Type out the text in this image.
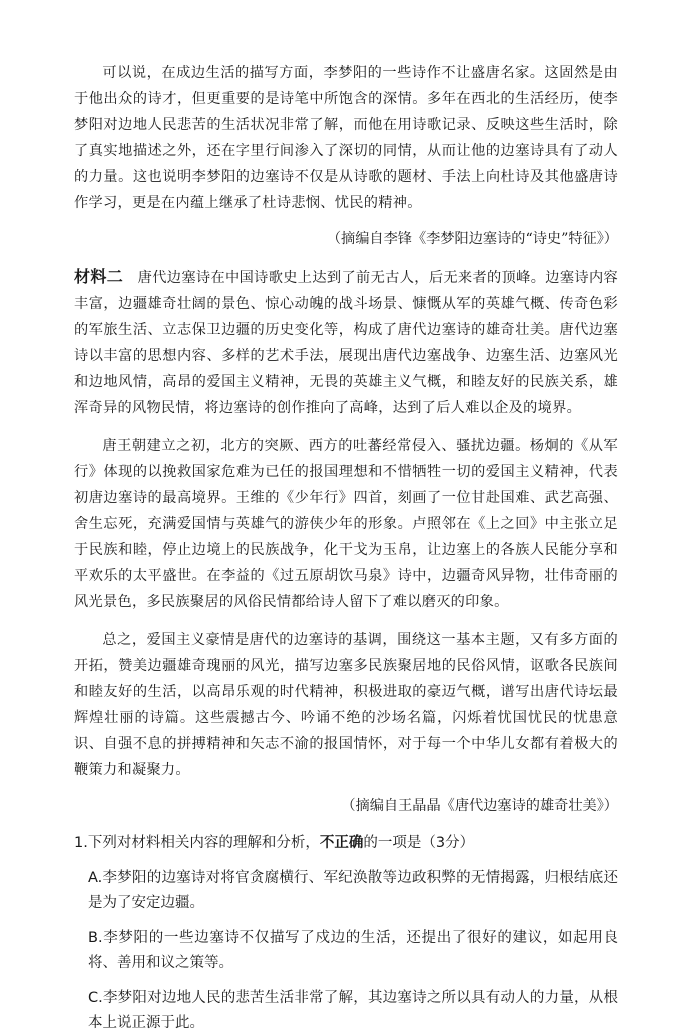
可以说，在成边生活的描写方面，李梦阳的一些诗作不让盛唐名家。这固然是由于他出众的诗才，但更重要的是诗笔中所饱含的深情。多年在西北的生活经历，使李梦阳对边地人民悲苦的生活状况非常了解，而他在用诗歌记录、反映这些生活时，除了真实地描述之外，还在字里行间渗入了深切的同情，从而让他的边塞诗具有了动人的力量。这也说明李梦阳的边塞诗不仅是从诗歌的题材、手法上向杜诗及其他盛唐诗作学习，更是在内蕴上继承了杜诗悲悯、忧民的精神。

（摘编自李锋《李梦阳边塞诗的“诗史”特征》）

材料二  唐代边塞诗在中国诗歌史上达到了前无古人，后无来者的顶峰。边塞诗内容丰富，边疆雄奇壮阔的景色、惊心动魄的战斗场景、慷慨从军的英雄气概、传奇色彩的军旅生活、立志保卫边疆的历史变化等，构成了唐代边塞诗的雄奇壮美。唐代边塞诗以丰富的思想内容、多样的艺术手法，展现出唐代边塞战争、边塞生活、边塞风光和边地风情，高昂的爱国主义精神，无畏的英雄主义气概，和睦友好的民族关系，雄浑奇异的风物民情，将边塞诗的创作推向了高峰，达到了后人难以企及的境界。

唐王朝建立之初，北方的突厥、西方的吐蕃经常侵入、骚扰边疆。杨炯的《从军行》体现的以挽救国家危难为已任的报国理想和不惜牺牲一切的爱国主义精神，代表初唐边塞诗的最高境界。王维的《少年行》四首，刻画了一位甘赴国难、武艺高强、舍生忘死，充满爱国情与英雄气的游侠少年的形象。卢照邻在《上之回》中主张立足于民族和睦，停止边境上的民族战争，化干戈为玉帛，让边塞上的各族人民能分享和平欢乐的太平盛世。在李益的《过五原胡饮马泉》诗中，边疆奇风异物，壮伟奇丽的风光景色，多民族聚居的风俗民情都给诗人留下了难以磨灭的印象。

总之，爱国主义豪情是唐代的边塞诗的基调，围绕这一基本主题，又有多方面的开拓，赞美边疆雄奇瑰丽的风光，描写边塞多民族聚居地的民俗风情，讴歌各民族间和睦友好的生活，以高昂乐观的时代精神，积极进取的豪迈气概，谱写出唐代诗坛最辉煌壮丽的诗篇。这些震撼古今、吟诵不绝的沙场名篇，闪烁着忧国忧民的忧患意识、自强不息的拼搏精神和矢志不渝的报国情怀，对于每一个中华儿女都有着极大的鞭策力和凝聚力。

（摘编自王晶晶《唐代边塞诗的雄奇壮美》）
1.下列对材料相关内容的理解和分析，不正确的一项是（3分）
A.李梦阳的边塞诗对将官贪腐横行、军纪涣散等边政积弊的无情揭露，归根结底还是为了安定边疆。
B.李梦阳的一些边塞诗不仅描写了戍边的生活，还提出了很好的建议，如起用良将、善用和议之策等。
C.李梦阳对边地人民的悲苦生活非常了解，其边塞诗之所以具有动人的力量，从根本上说正源于此。
